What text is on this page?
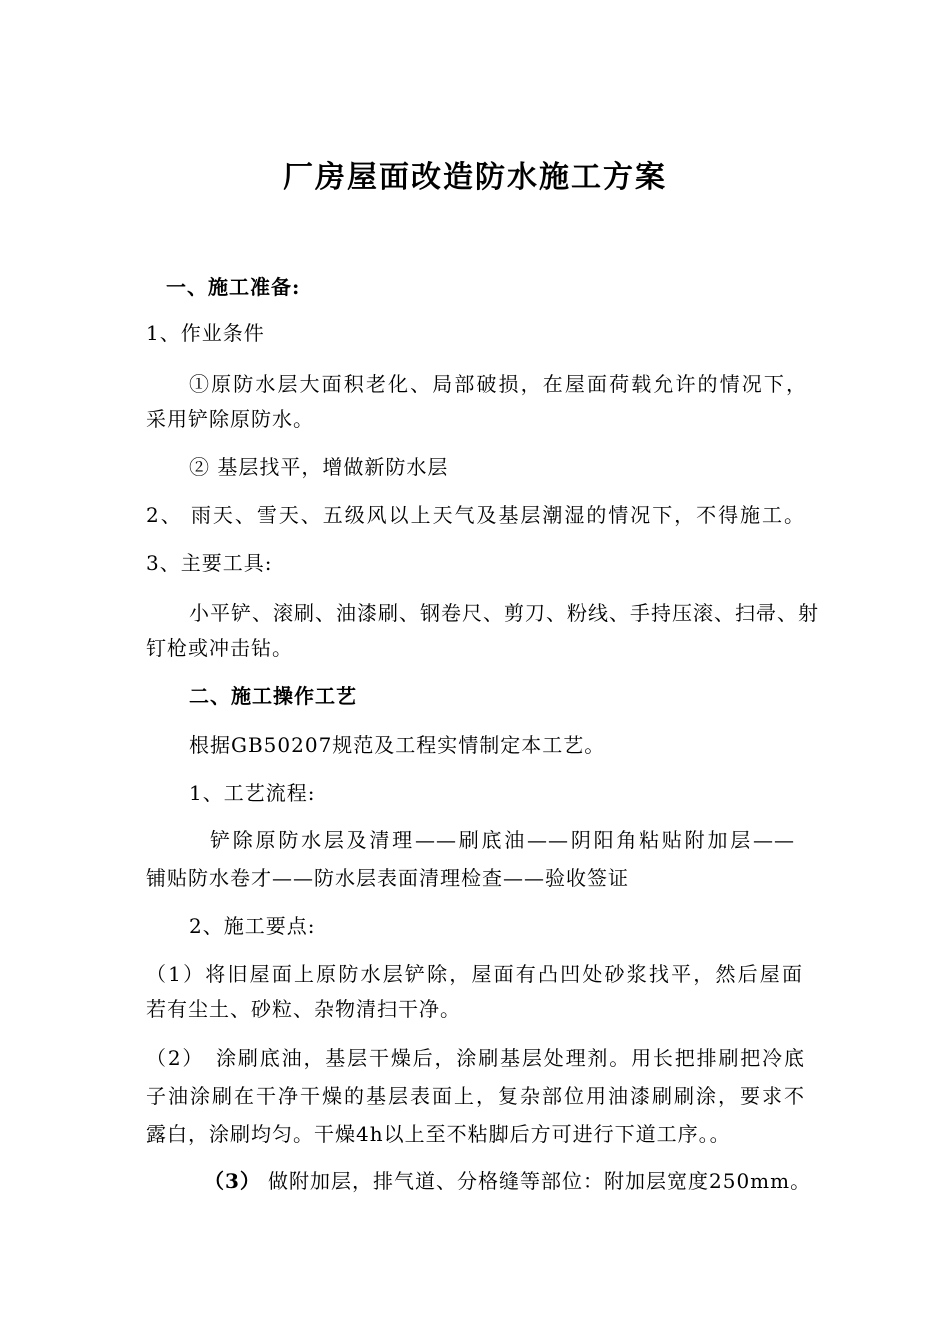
厂房屋面改造防水施工方案
一、施工准备:
1、作业条件
①原防水层大面积老化、局部破损，在屋面荷载允许的情况下，
采用铲除原防水。
② 基层找平，增做新防水层
2、 雨天、雪天、五级风以上天气及基层潮湿的情况下，不得施工。
3、主要工具:
小平铲、滚刷、油漆刷、钢卷尺、剪刀、粉线、手持压滚、扫帚、射
钉枪或冲击钻。
二、施工操作工艺
根据GB50207规范及工程实情制定本工艺。
1、工艺流程:
铲除原防水层及清理——刷底油——阴阳角粘贴附加层——
铺贴防水卷才——防水层表面清理检查——验收签证
2、施工要点:
（1）将旧屋面上原防水层铲除，屋面有凸凹处砂浆找平，然后屋面
若有尘土、砂粒、杂物清扫干净。
（2）　涂刷底油，基层干燥后，涂刷基层处理剂。用长把排刷把冷底
子油涂刷在干净干燥的基层表面上，复杂部位用油漆刷刷涂，要求不
露白，涂刷均匀。干燥4h以上至不粘脚后方可进行下道工序。。
（3） 做附加层，排气道、分格缝等部位：附加层宽度250mm。
